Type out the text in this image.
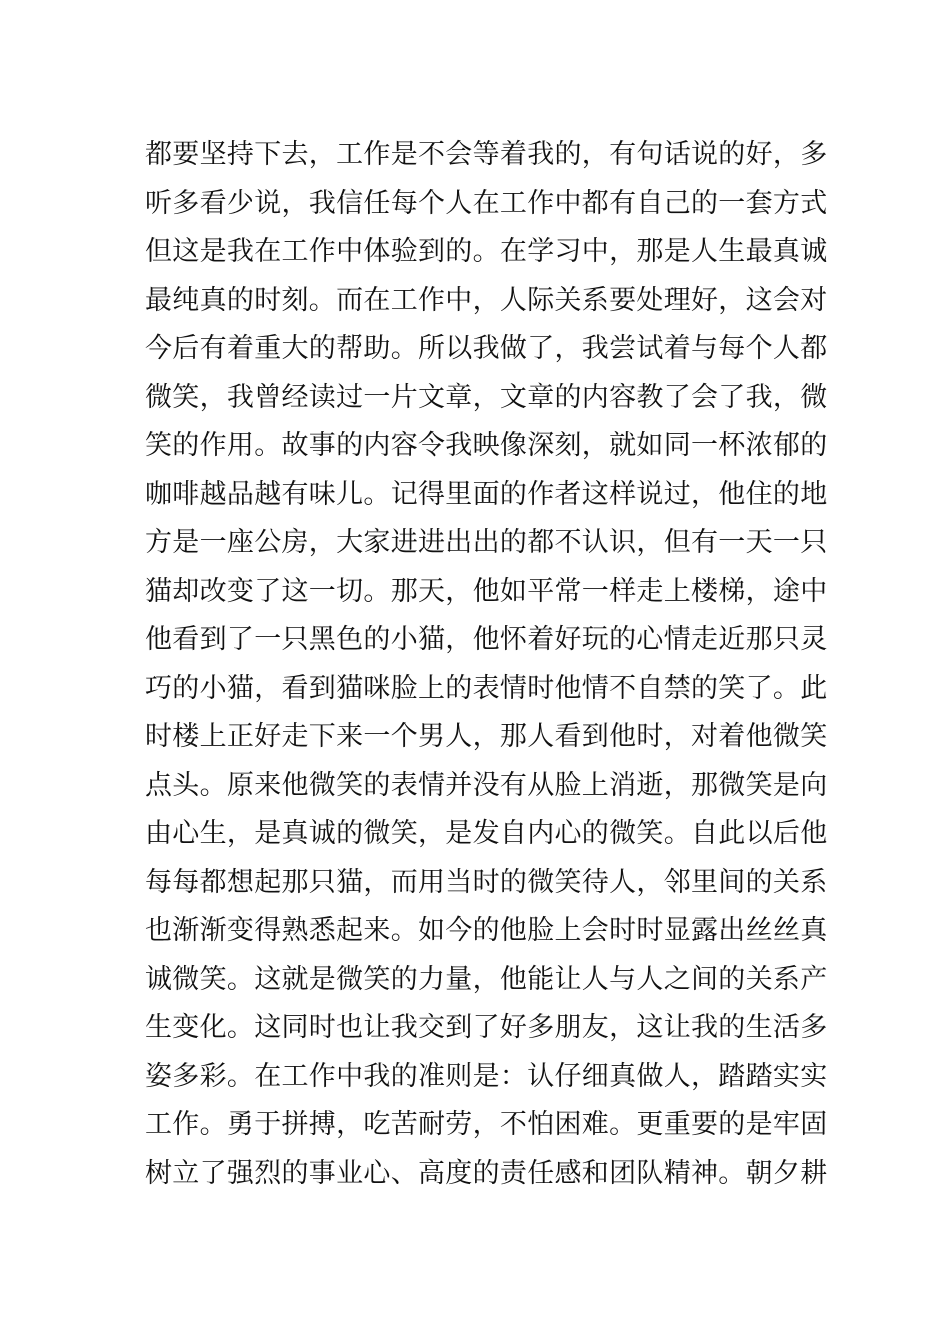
都要坚持下去，工作是不会等着我的，有句话说的好，多
听多看少说，我信任每个人在工作中都有自己的一套方式
但这是我在工作中体验到的。在学习中，那是人生最真诚
最纯真的时刻。而在工作中，人际关系要处理好，这会对
今后有着重大的帮助。所以我做了，我尝试着与每个人都
微笑，我曾经读过一片文章，文章的内容教了会了我，微
笑的作用。故事的内容令我映像深刻，就如同一杯浓郁的
咖啡越品越有味儿。记得里面的作者这样说过，他住的地
方是一座公房，大家进进出出的都不认识，但有一天一只
猫却改变了这一切。那天，他如平常一样走上楼梯，途中
他看到了一只黑色的小猫，他怀着好玩的心情走近那只灵
巧的小猫，看到猫咪脸上的表情时他情不自禁的笑了。此
时楼上正好走下来一个男人，那人看到他时，对着他微笑
点头。原来他微笑的表情并没有从脸上消逝，那微笑是向
由心生，是真诚的微笑，是发自内心的微笑。自此以后他
每每都想起那只猫，而用当时的微笑待人，邻里间的关系
也渐渐变得熟悉起来。如今的他脸上会时时显露出丝丝真
诚微笑。这就是微笑的力量，他能让人与人之间的关系产
生变化。这同时也让我交到了好多朋友，这让我的生活多
姿多彩。在工作中我的准则是：认仔细真做人，踏踏实实
工作。勇于拼搏，吃苦耐劳，不怕困难。更重要的是牢固
树立了强烈的事业心、高度的责任感和团队精神。朝夕耕
